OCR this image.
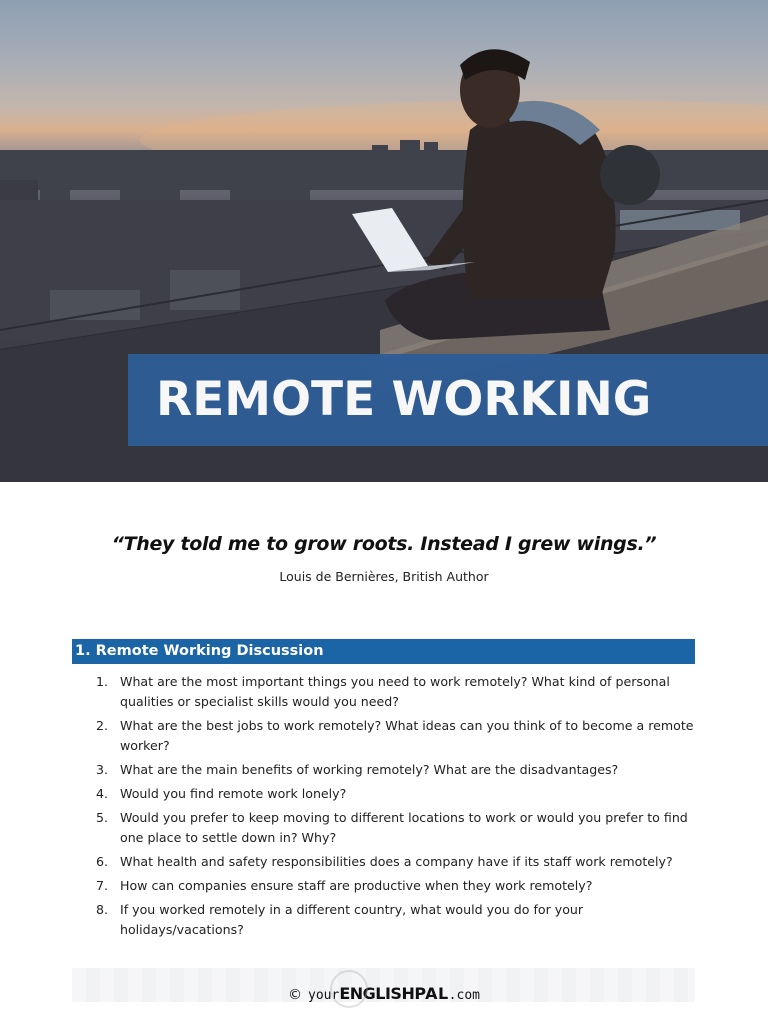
REMOTE WORKING

“They told me to grow roots. Instead I grew wings.”

Louis de Bernières, British Author

1. Remote Working Discussion
1. What are the most important things you need to work remotely? What kind of personal qualities or specialist skills would you need?
2. What are the best jobs to work remotely? What ideas can you think of to become a remote worker?
3. What are the main benefits of working remotely? What are the disadvantages?
4. Would you find remote work lonely?
5. Would you prefer to keep moving to different locations to work or would you prefer to find one place to settle down in? Why?
6. What health and safety responsibilities does a company have if its staff work remotely?
7. How can companies ensure staff are productive when they work remotely?
8. If you worked remotely in a different country, what would you do for your holidays/vacations?
© yourENGLISHPAL.com
